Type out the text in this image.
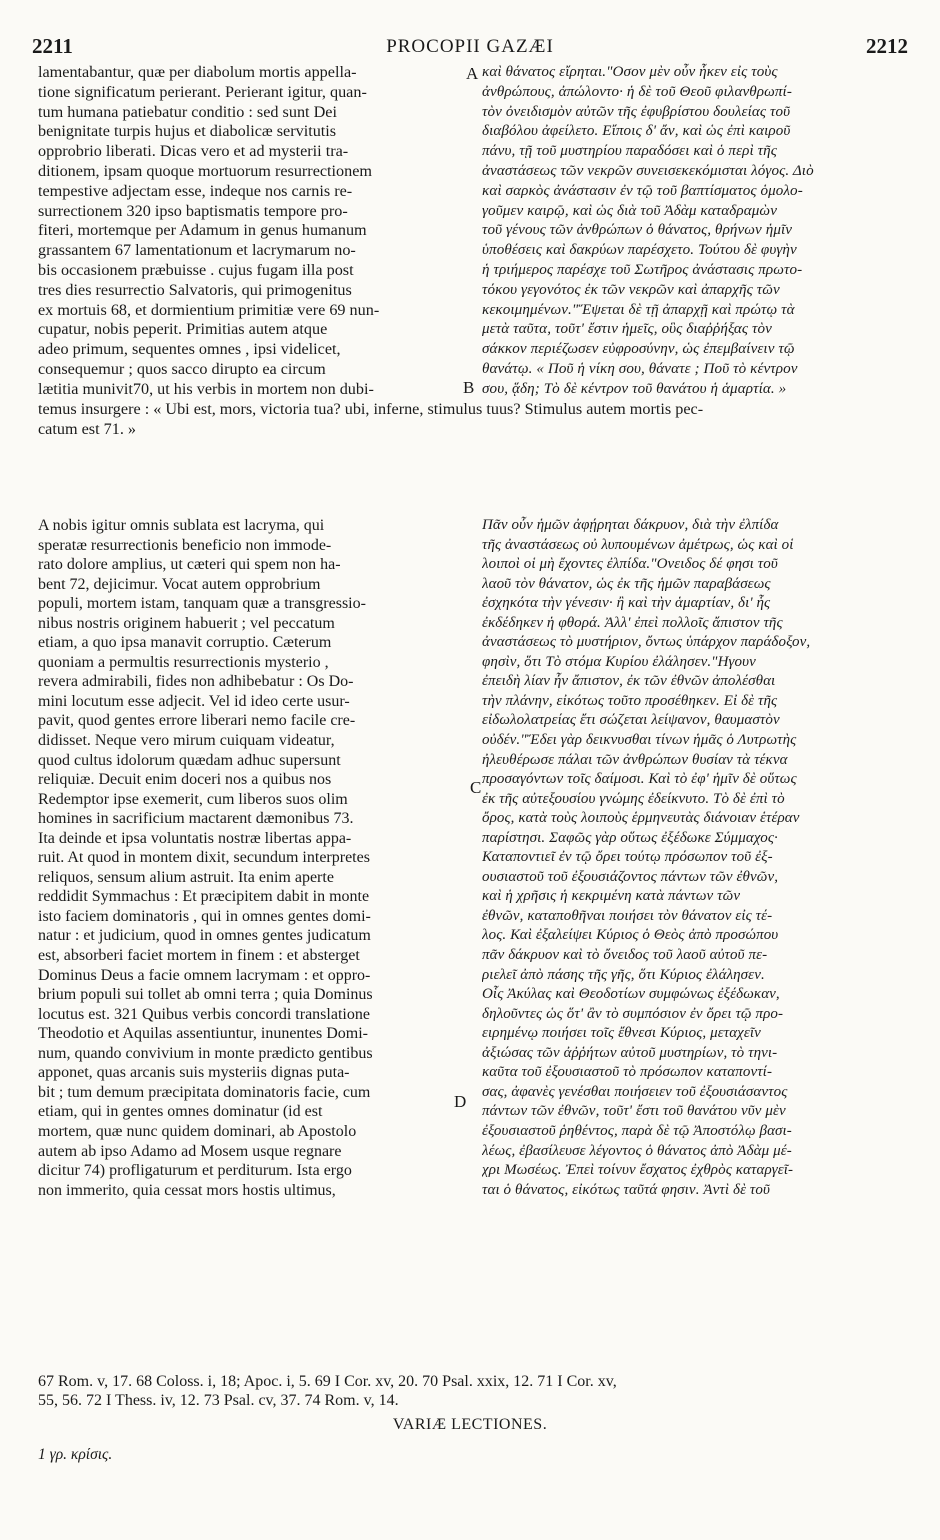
2211	PROCOPII GAZÆI	2212
lamentabantur, quæ per diabolum mortis appella-
tione significatum perierant. Perierant igitur, quan-
tum humana patiebatur conditio : sed sunt Dei
benignitate turpis hujus et diabolicæ servitutis
opprobrio liberati. Dicas vero et ad mysterii tra-
ditionem, ipsam quoque mortuorum resurrectionem
tempestive adjectam esse, indeque nos carnis re-
surrectionem 320 ipso baptismatis tempore pro-
fiteri, mortemque per Adamum in genus humanum
grassantem 67 lamentationum et lacrymarum no-
bis occasionem præbuisse . cujus fugam illa post
tres dies resurrectio Salvatoris, qui primogenitus
ex mortuis 68, et dormientium primitiæ vere 69 nun-
cupatur, nobis peperit. Primitias autem atque
adeo primum, sequentes omnes , ipsi videlicet,
consequemur ; quos sacco dirupto ea circum
lætitia munivit70, ut his verbis in mortem non dubi-
καὶ θάνατος εἴρηται."Οσον μὲν οὖν ἧκεν εἰς τοὺς
ἀνθρώπους, ἀπώλοντο· ἡ δὲ τοῦ Θεοῦ φιλανθρωπί-
τὸν ὀνειδισμὸν αὐτῶν τῆς ἐφυβρίστου δουλείας τοῦ
διαβόλου ἀφείλετο. Εἴποις δ' ἄν, καὶ ὡς ἐπὶ καιροῦ
πάνυ, τῇ τοῦ μυστηρίου παραδόσει καὶ ὁ περὶ τῆς
ἀναστάσεως τῶν νεκρῶν συνεισεκεκόμισται λόγος. Διὸ
καὶ σαρκὸς ἀνάστασιν ἐν τῷ τοῦ βαπτίσματος ὁμολο-
γοῦμεν καιρῷ, καὶ ὡς διὰ τοῦ Ἀδὰμ καταδραμὼν
τοῦ γένους τῶν ἀνθρώπων ὁ θάνατος, θρήνων ἡμῖν
ὑποθέσεις καὶ δακρύων παρέσχετο. Τούτου δὲ φυγὴν
ἡ τριήμερος παρέσχε τοῦ Σωτῆρος ἀνάστασις πρωτο-
τόκου γεγονότος ἐκ τῶν νεκρῶν καὶ ἀπαρχῆς τῶν
κεκοιμημένων."Ἕψεται δὲ τῇ ἀπαρχῇ καὶ πρώτῳ τὰ
μετὰ ταῦτα, τοῦτ' ἔστιν ἡμεῖς, οὓς διαῤῥήξας τὸν
σάκκον περιέζωσεν εὐφροσύνην, ὡς ἐπεμβαίνειν τῷ
θανάτῳ. « Ποῦ ἡ νίκη σου, θάνατε ; Ποῦ τὸ κέντρον
σου, ᾅδη; Τὸ δὲ κέντρον τοῦ θανάτου ἡ ἁμαρτία. »
temus insurgere : « Ubi est, mors, victoria tua? ubi, inferne, stimulus tuus? Stimulus autem mortis pec-
catum est 71. »
A nobis igitur omnis sublata est lacryma, qui
speratæ resurrectionis beneficio non immode-
rato dolore amplius, ut cæteri qui spem non ha-
bent 72, dejicimur. Vocat autem opprobrium
populi, mortem istam, tanquam quæ a transgressio-
nibus nostris originem habuerit ; vel peccatum
etiam, a quo ipsa manavit corruptio. Cæterum
quoniam a permultis resurrectionis mysterio ,
revera admirabili, fides non adhibebatur : Os Do-
mini locutum esse adjecit. Vel id ideo certe usur-
pavit, quod gentes errore liberari nemo facile cre-
didisset. Neque vero mirum cuiquam videatur,
quod cultus idolorum quædam adhuc supersunt
reliquiæ. Decuit enim doceri nos a quibus nos
Redemptor ipse exemerit, cum liberos suos olim
homines in sacrificium mactarent dæmonibus 73.
Ita deinde et ipsa voluntatis nostræ libertas appa-
ruit. At quod in montem dixit, secundum interpretes
reliquos, sensum alium astruit. Ita enim aperte
reddidit Symmachus : Et præcipitem dabit in monte
isto faciem dominatoris , qui in omnes gentes domi-
natur : et judicium, quod in omnes gentes judicatum
est, absorberi faciet mortem in finem : et absterget
Dominus Deus a facie omnem lacrymam : et oppro-
brium populi sui tollet ab omni terra ; quia Dominus
locutus est. 321 Quibus verbis concordi translatione
Theodotio et Aquilas assentiuntur, inunentes Domi-
num, quando convivium in monte prædicto gentibus
apponet, quas arcanis suis mysteriis dignas puta-
bit ; tum demum præcipitata dominatoris facie, cum
etiam, qui in gentes omnes dominatur (id est
mortem, quæ nunc quidem dominari, ab Apostolo
autem ab ipso Adamo ad Mosem usque regnare
dicitur 74) profligaturum et perditurum. Ista ergo
non immerito, quia cessat mors hostis ultimus,
Πᾶν οὖν ἡμῶν ἀφῄρηται δάκρυον, διὰ τὴν ἐλπίδα
τῆς ἀναστάσεως οὐ λυπουμένων ἀμέτρως, ὡς καὶ οἱ
λοιποὶ οἱ μὴ ἔχοντες ἐλπίδα."Ονειδος δέ φησι τοῦ
λαοῦ τὸν θάνατον, ὡς ἐκ τῆς ἡμῶν παραβάσεως
ἐσχηκότα τὴν γένεσιν· ἢ καὶ τὴν ἁμαρτίαν, δι' ἧς
ἐκδέδηκεν ἡ φθορά. Ἀλλ' ἐπεὶ πολλοῖς ἄπιστον τῆς
ἀναστάσεως τὸ μυστήριον, ὄντως ὑπάρχον παράδοξον,
φησὶν, ὅτι Τὸ στόμα Κυρίου ἐλάλησεν."Ηγουν
ἐπειδὴ λίαν ἦν ἄπιστον, ἐκ τῶν ἐθνῶν ἀπολέσθαι
τὴν πλάνην, εἰκότως τοῦτο προσέθηκεν. Εἰ δὲ τῆς
εἰδωλολατρείας ἔτι σώζεται λείψανον, θαυμαστὸν
οὐδέν."Ἔδει γὰρ δεικνυσθαι τίνων ἡμᾶς ὁ Λυτρωτὴς
ἠλευθέρωσε πάλαι τῶν ἀνθρώπων θυσίαν τὰ τέκνα
προσαγόντων τοῖς δαίμοσι. Καὶ τὸ ἐφ' ἡμῖν δὲ οὕτως
ἐκ τῆς αὐτεξουσίου γνώμης ἐδείκνυτο. Τὸ δὲ ἐπὶ τὸ
ὄρος, κατὰ τοὺς λοιποὺς ἑρμηνευτὰς διάνοιαν ἑτέραν
παρίστησι. Σαφῶς γὰρ οὕτως ἐξέδωκε Σύμμαχος·
Καταποντιεῖ ἐν τῷ ὄρει τούτῳ πρόσωπον τοῦ ἐξ-
ουσιαστοῦ τοῦ ἐξουσιάζοντος πάντων τῶν ἐθνῶν,
καὶ ἡ χρῆσις ἡ κεκριμένη κατὰ πάντων τῶν
ἐθνῶν, καταποθῆναι ποιήσει τὸν θάνατον εἰς τέ-
λος. Καὶ ἐξαλείψει Κύριος ὁ Θεὸς ἀπὸ προσώπου
πᾶν δάκρυον καὶ τὸ ὄνειδος τοῦ λαοῦ αὐτοῦ πε-
ριελεῖ ἀπὸ πάσης τῆς γῆς, ὅτι Κύριος ἐλάλησεν.
Οἷς Ἀκύλας καὶ Θεοδοτίων συμφώνως ἐξέδωκαν,
δηλοῦντες ὡς ὅτ' ἂν τὸ συμπόσιον ἐν ὄρει τῷ προ-
ειρημένῳ ποιήσει τοῖς ἔθνεσι Κύριος, μεταχεῖν
ἀξιώσας τῶν ἀῤῥήτων αὐτοῦ μυστηρίων, τὸ τηνι-
καῦτα τοῦ ἐξουσιαστοῦ τὸ πρόσωπον καταποντί-
σας, ἀφανὲς γενέσθαι ποιήσειεν τοῦ ἐξουσιάσαντος
πάντων τῶν ἐθνῶν, τοῦτ' ἔστι τοῦ θανάτου νῦν μὲν
ἐξουσιαστοῦ ῥηθέντος, παρὰ δὲ τῷ Ἀποστόλῳ βασι-
λέως, ἐβασίλευσε λέγοντος ὁ θάνατος ἀπὸ Ἀδὰμ μέ-
χρι Μωσέως. Ἐπεὶ τοίνυν ἔσχατος ἐχθρὸς καταργεῖ-
ται ὁ θάνατος, εἰκότως ταῦτά φησιν. Ἀντὶ δὲ τοῦ
A
B
C
D
67 Rom. v, 17. 68 Coloss. i, 18; Apoc. i, 5. 69 I Cor. xv, 20. 70 Psal. xxix, 12. 71 I Cor. xv,
55, 56. 72 I Thess. iv, 12. 73 Psal. cv, 37. 74 Rom. v, 14.
VARIÆ LECTIONES.
1 γρ. κρίσις.
